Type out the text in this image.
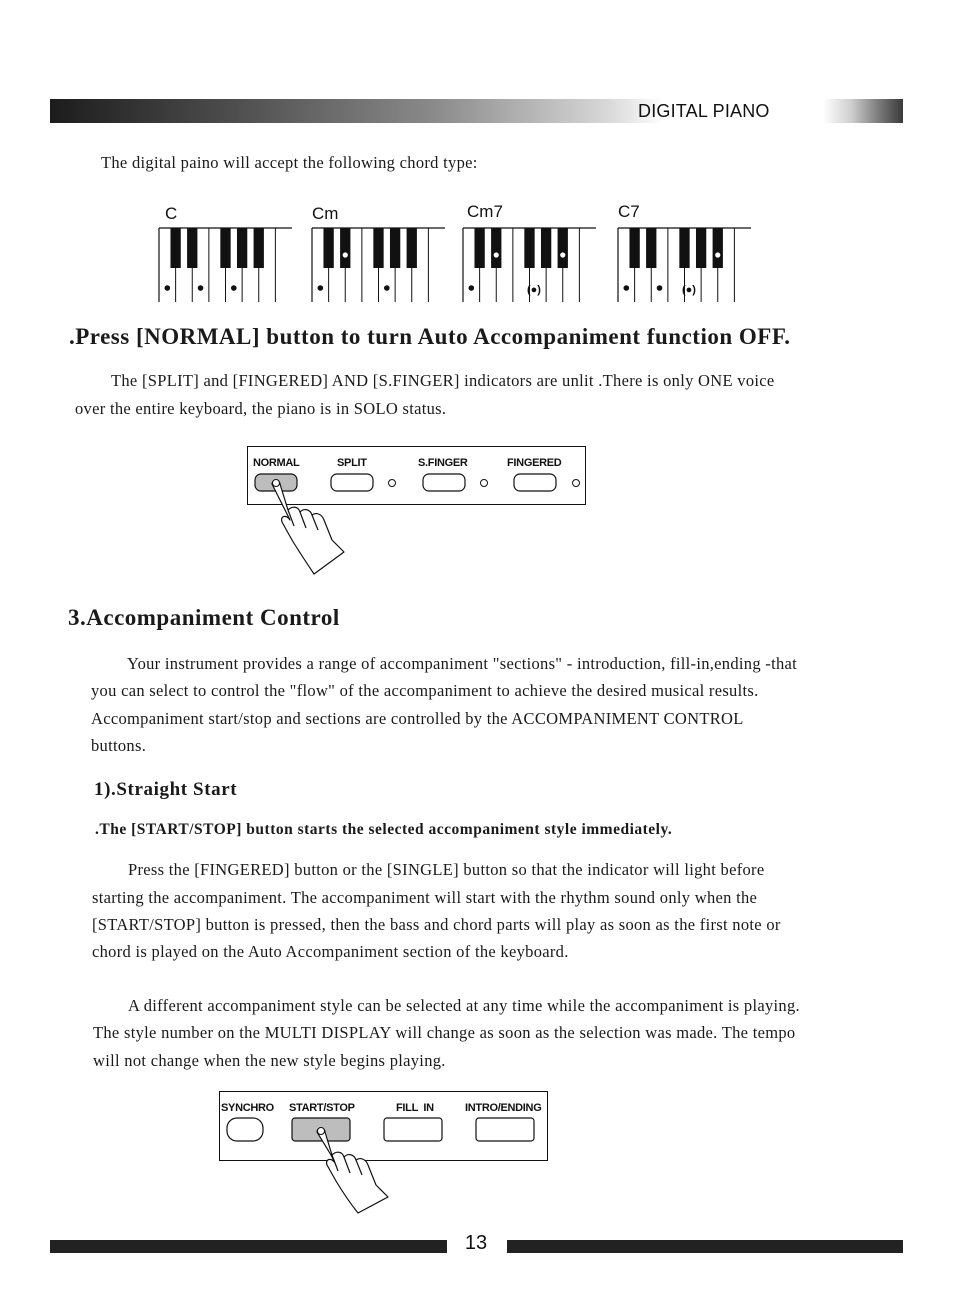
DIGITAL PIANO
The digital paino will accept the following chord type:
C	Cm	Cm7	C7
(●)	(●)
.Press [NORMAL] button to turn Auto Accompaniment function OFF.
The [SPLIT] and [FINGERED] AND [S.FINGER] indicators are unlit .There is only ONE voice
over the entire keyboard, the piano is in SOLO status.
NORMAL	SPLIT	S.FINGER	FINGERED
3.Accompaniment Control
Your instrument provides a range of accompaniment "sections" - introduction, fill-in,ending -that
you can select to control the "flow" of the accompaniment to achieve the desired musical results.
Accompaniment start/stop and sections are controlled by the ACCOMPANIMENT CONTROL
buttons.
1).Straight Start
.The [START/STOP] button starts the selected accompaniment style immediately.
Press the [FINGERED] button or the [SINGLE] button so that the indicator will light before
starting the accompaniment. The accompaniment will start with the rhythm sound only when the
[START/STOP] button is pressed, then the bass and chord parts will play as soon as the first note or
chord is played on the Auto Accompaniment section of the keyboard.
A different accompaniment style can be selected at any time while the accompaniment is playing.
The style number on the MULTI DISPLAY will change as soon as the selection was made. The tempo
will not change when the new style begins playing.
SYNCHRO START/STOP	FILL  IN	INTRO/ENDING
13
